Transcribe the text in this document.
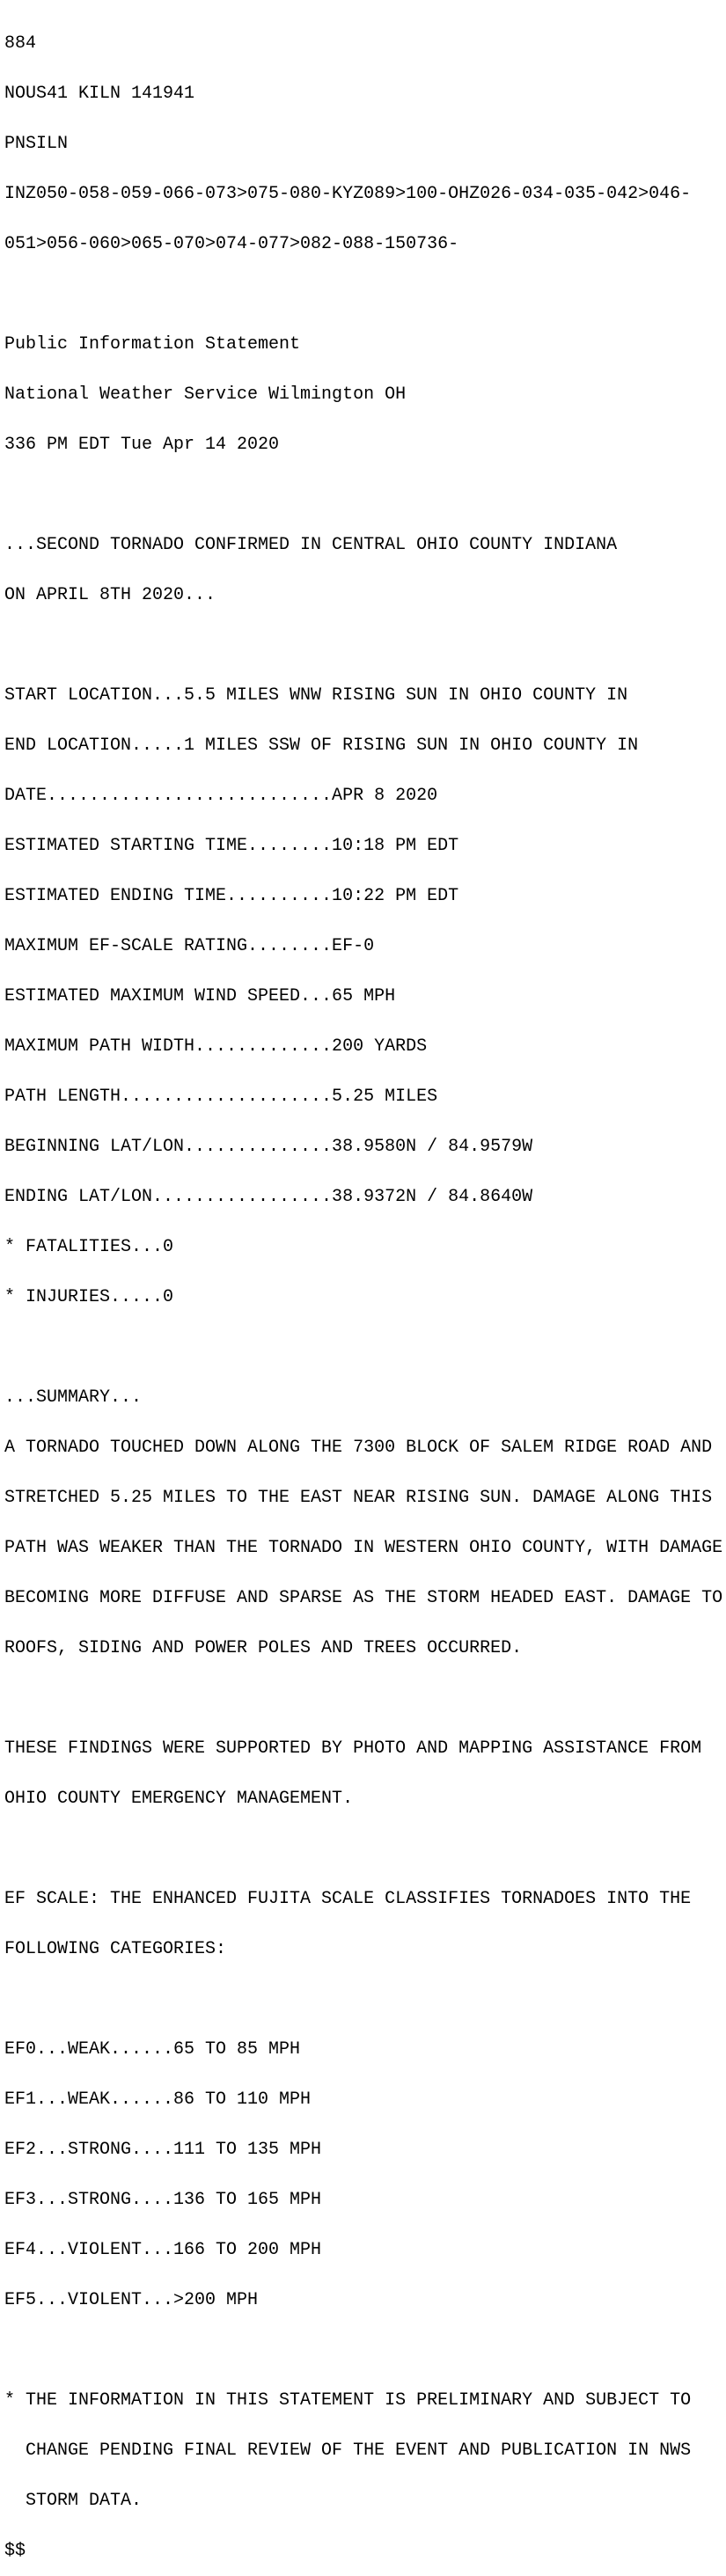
884

NOUS41 KILN 141941

PNSILN

INZ050-058-059-066-073>075-080-KYZ089>100-OHZ026-034-035-042>046-

051>056-060>065-070>074-077>082-088-150736-

Public Information Statement

National Weather Service Wilmington OH

336 PM EDT Tue Apr 14 2020

...SECOND TORNADO CONFIRMED IN CENTRAL OHIO COUNTY INDIANA

ON APRIL 8TH 2020...

START LOCATION...5.5 MILES WNW RISING SUN IN OHIO COUNTY IN

END LOCATION.....1 MILES SSW OF RISING SUN IN OHIO COUNTY IN

DATE...........................APR 8 2020

ESTIMATED STARTING TIME........10:18 PM EDT

ESTIMATED ENDING TIME..........10:22 PM EDT

MAXIMUM EF-SCALE RATING........EF-0

ESTIMATED MAXIMUM WIND SPEED...65 MPH

MAXIMUM PATH WIDTH.............200 YARDS

PATH LENGTH....................5.25 MILES

BEGINNING LAT/LON..............38.9580N / 84.9579W

ENDING LAT/LON.................38.9372N / 84.8640W

* FATALITIES...0

* INJURIES.....0

...SUMMARY...

A TORNADO TOUCHED DOWN ALONG THE 7300 BLOCK OF SALEM RIDGE ROAD AND

STRETCHED 5.25 MILES TO THE EAST NEAR RISING SUN. DAMAGE ALONG THIS

PATH WAS WEAKER THAN THE TORNADO IN WESTERN OHIO COUNTY, WITH DAMAGE

BECOMING MORE DIFFUSE AND SPARSE AS THE STORM HEADED EAST. DAMAGE TO

ROOFS, SIDING AND POWER POLES AND TREES OCCURRED.

THESE FINDINGS WERE SUPPORTED BY PHOTO AND MAPPING ASSISTANCE FROM

OHIO COUNTY EMERGENCY MANAGEMENT.

EF SCALE: THE ENHANCED FUJITA SCALE CLASSIFIES TORNADOES INTO THE

FOLLOWING CATEGORIES:

EF0...WEAK......65 TO 85 MPH

EF1...WEAK......86 TO 110 MPH

EF2...STRONG....111 TO 135 MPH

EF3...STRONG....136 TO 165 MPH

EF4...VIOLENT...166 TO 200 MPH

EF5...VIOLENT...>200 MPH

* THE INFORMATION IN THIS STATEMENT IS PRELIMINARY AND SUBJECT TO

CHANGE PENDING FINAL REVIEW OF THE EVENT AND PUBLICATION IN NWS

STORM DATA.

$$
